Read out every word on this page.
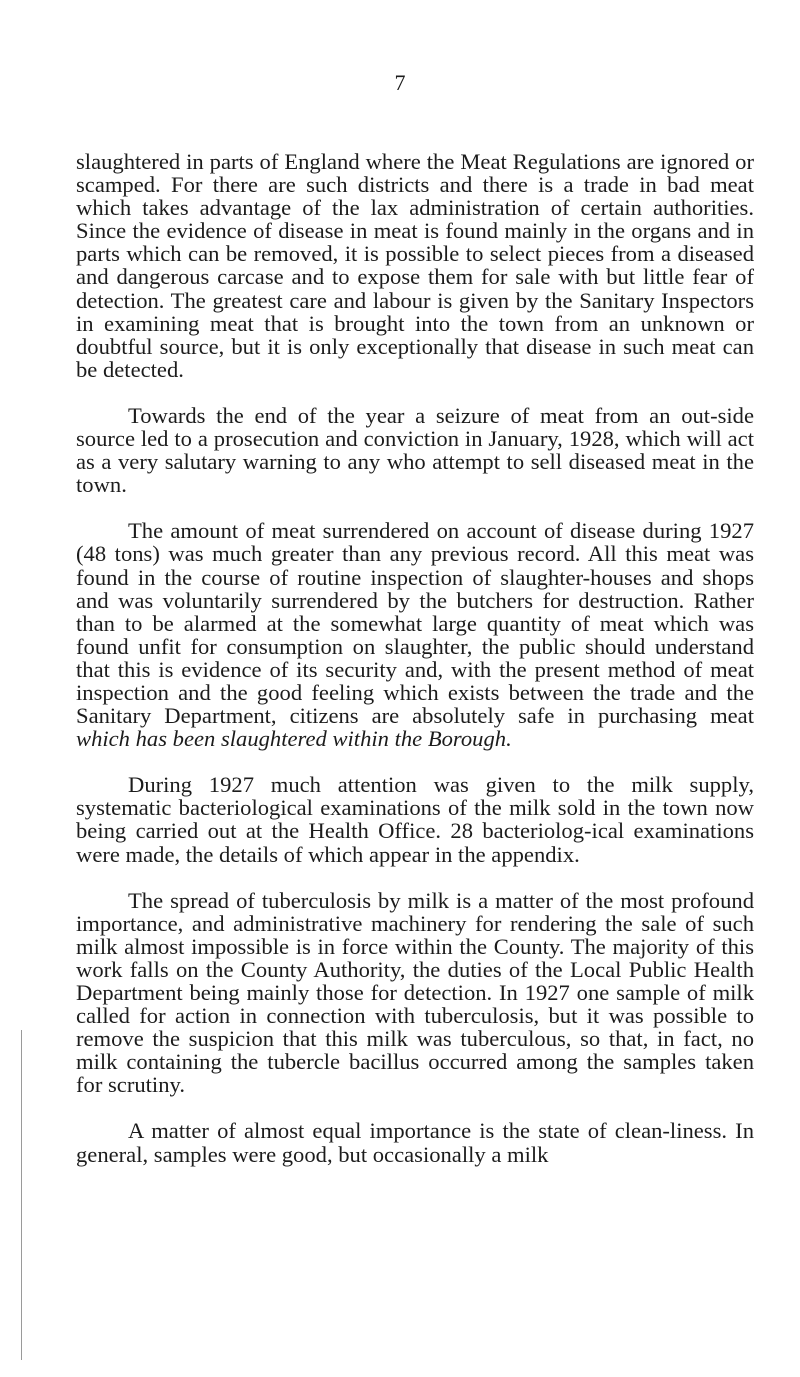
7

slaughtered in parts of England where the Meat Regulations are ignored or scamped. For there are such districts and there is a trade in bad meat which takes advantage of the lax administration of certain authorities. Since the evidence of disease in meat is found mainly in the organs and in parts which can be removed, it is possible to select pieces from a diseased and dangerous carcase and to expose them for sale with but little fear of detection. The greatest care and labour is given by the Sanitary Inspectors in examining meat that is brought into the town from an unknown or doubtful source, but it is only exceptionally that disease in such meat can be detected.

Towards the end of the year a seizure of meat from an out-side source led to a prosecution and conviction in January, 1928, which will act as a very salutary warning to any who attempt to sell diseased meat in the town.

The amount of meat surrendered on account of disease during 1927 (48 tons) was much greater than any previous record. All this meat was found in the course of routine inspection of slaughter-houses and shops and was voluntarily surrendered by the butchers for destruction. Rather than to be alarmed at the somewhat large quantity of meat which was found unfit for consumption on slaughter, the public should understand that this is evidence of its security and, with the present method of meat inspection and the good feeling which exists between the trade and the Sanitary Department, citizens are absolutely safe in purchasing meat which has been slaughtered within the Borough.

During 1927 much attention was given to the milk supply, systematic bacteriological examinations of the milk sold in the town now being carried out at the Health Office. 28 bacteriolog-ical examinations were made, the details of which appear in the appendix.

The spread of tuberculosis by milk is a matter of the most profound importance, and administrative machinery for rendering the sale of such milk almost impossible is in force within the County. The majority of this work falls on the County Authority, the duties of the Local Public Health Department being mainly those for detection. In 1927 one sample of milk called for action in connection with tuberculosis, but it was possible to remove the suspicion that this milk was tuberculous, so that, in fact, no milk containing the tubercle bacillus occurred among the samples taken for scrutiny.

A matter of almost equal importance is the state of clean-liness. In general, samples were good, but occasionally a milk
